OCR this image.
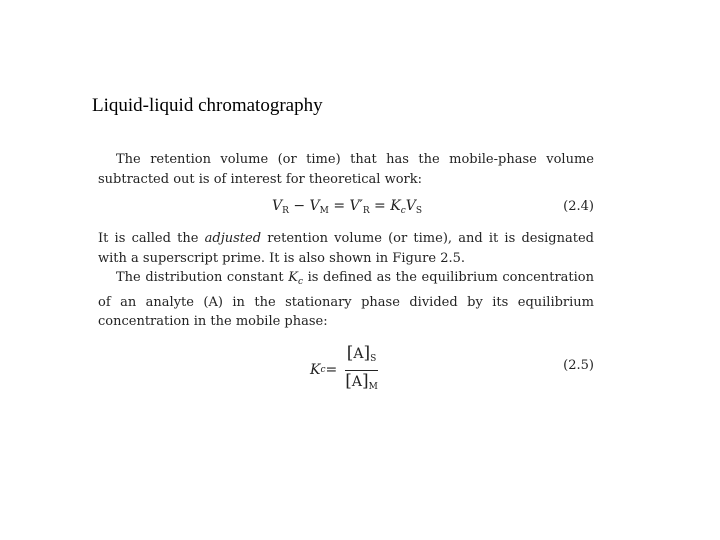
Liquid-liquid chromatography

The retention volume (or time) that has the mobile-phase volume subtracted out is of interest for theoretical work:

$V_R - V_M = V'_R = K_cV_S$	(2.4)

It is called the adjusted retention volume (or time), and it is designated with a superscript prime. It is also shown in Figure 2.5.

The distribution constant $K_c$ is defined as the equilibrium concentration of an analyte (A) in the stationary phase divided by its equilibrium concentration in the mobile phase:

K $c = \frac{[A]_S}{[A]_M}$	(2.5)
